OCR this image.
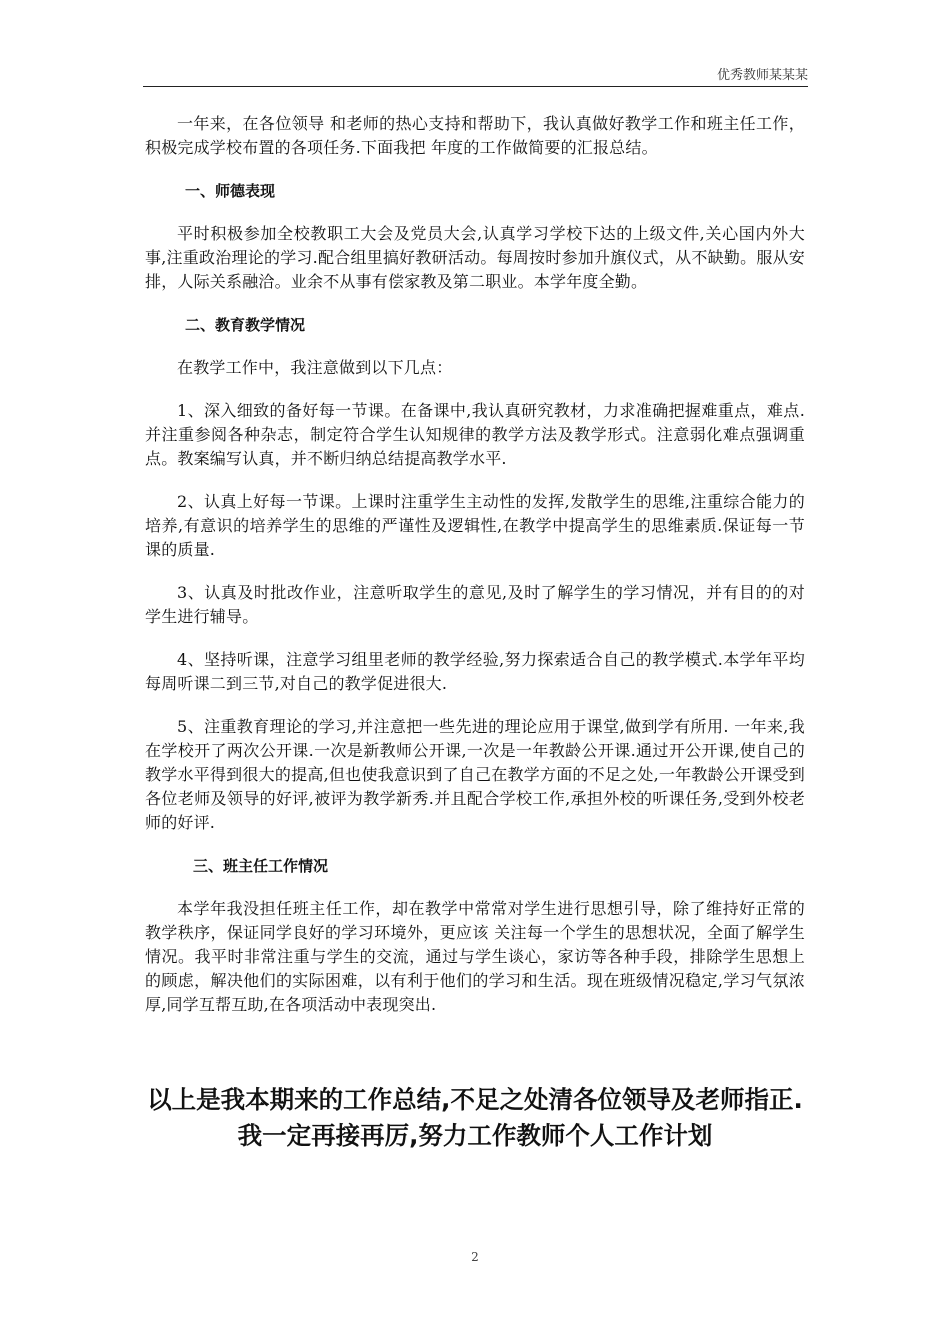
优秀教师某某某

一年来，在各位领导 和老师的热心支持和帮助下，我认真做好教学工作和班主任工作，积极完成学校布置的各项任务.下面我把 年度的工作做简要的汇报总结。

一、师德表现

平时积极参加全校教职工大会及党员大会,认真学习学校下达的上级文件,关心国内外大事,注重政治理论的学习.配合组里搞好教研活动。每周按时参加升旗仪式，从不缺勤。服从安排，人际关系融洽。业余不从事有偿家教及第二职业。本学年度全勤。

二、教育教学情况

在教学工作中，我注意做到以下几点：

1、深入细致的备好每一节课。在备课中,我认真研究教材，力求准确把握难重点，难点.并注重参阅各种杂志，制定符合学生认知规律的教学方法及教学形式。注意弱化难点强调重点。教案编写认真，并不断归纳总结提高教学水平.

2、认真上好每一节课。上课时注重学生主动性的发挥,发散学生的思维,注重综合能力的培养,有意识的培养学生的思维的严谨性及逻辑性,在教学中提高学生的思维素质.保证每一节课的质量.

3、认真及时批改作业，注意听取学生的意见,及时了解学生的学习情况，并有目的的对学生进行辅导。

4、坚持听课，注意学习组里老师的教学经验,努力探索适合自己的教学模式.本学年平均每周听课二到三节,对自己的教学促进很大.

5、注重教育理论的学习,并注意把一些先进的理论应用于课堂,做到学有所用. 一年来,我在学校开了两次公开课.一次是新教师公开课,一次是一年教龄公开课.通过开公开课,使自己的教学水平得到很大的提高,但也使我意识到了自己在教学方面的不足之处,一年教龄公开课受到各位老师及领导的好评,被评为教学新秀.并且配合学校工作,承担外校的听课任务,受到外校老师的好评.

三、班主任工作情况

本学年我没担任班主任工作，却在教学中常常对学生进行思想引导，除了维持好正常的教学秩序，保证同学良好的学习环境外，更应该 关注每一个学生的思想状况，全面了解学生情况。我平时非常注重与学生的交流，通过与学生谈心，家访等各种手段，排除学生思想上的顾虑，解决他们的实际困难，以有利于他们的学习和生活。现在班级情况稳定,学习气氛浓厚,同学互帮互助,在各项活动中表现突出.

以上是我本期来的工作总结,不足之处清各位领导及老师指正.我一定再接再厉,努力工作教师个人工作计划

2
